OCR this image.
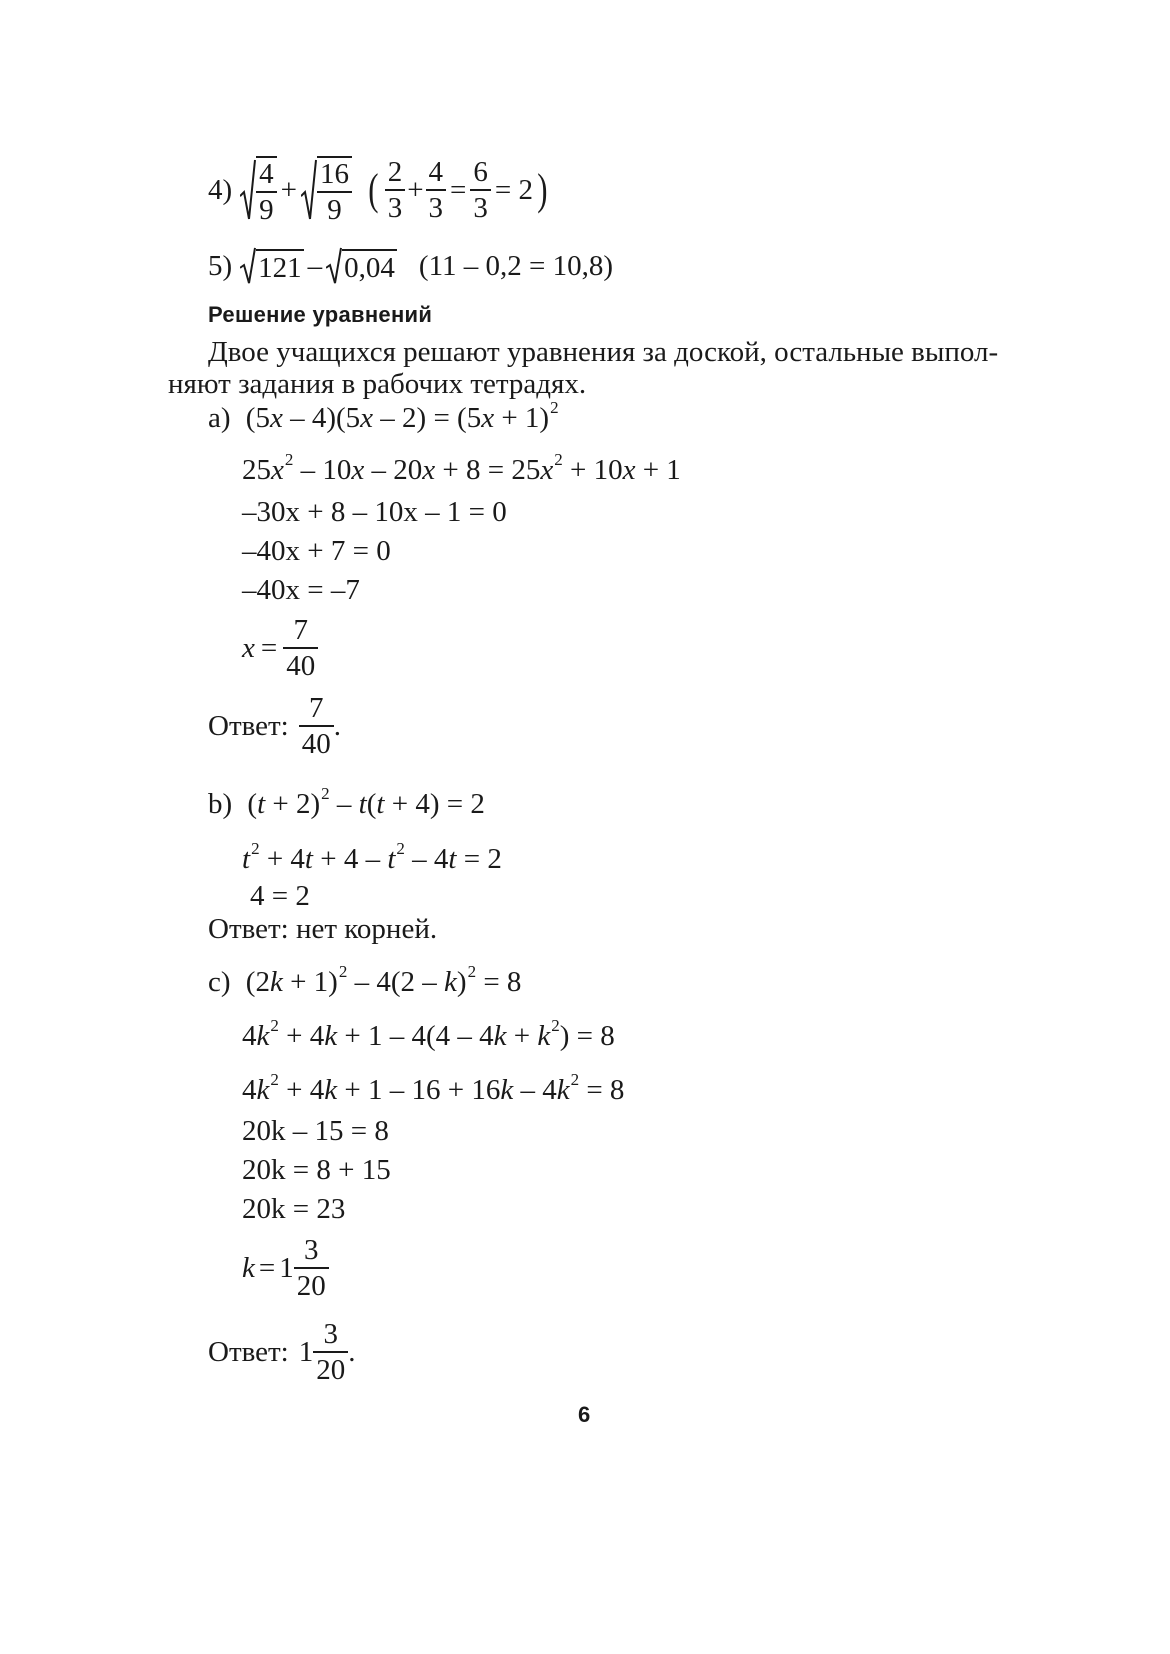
4) 4
9
+ 16
9 ( 2
3
+
4
3
=
6
3
= 2 )
5) 121 – 0,04 (11 – 0,2 = 10,8)
Решение уравнений
Двое учащихся решают уравнения за доской, остальные выпол-
няют задания в рабочих тетрадях.
a) $(5x - 4)(5x - 2) = (5x + 1)^2$
$25x^2 - 10x - 20x + 8 = 25x^2 + 10x + 1$
–30x + 8 – 10x – 1 = 0
–40x + 7 = 0
–40x = –7
x =
7
40
Ответ:
7
40
.
b) $(t + 2)^2 - t(t + 4) = 2$
$t^2 + 4t + 4 - t^2 - 4t = 2$
4 = 2
Ответ: нет корней.
c) $(2k + 1)^2 - 4(2 - k)^2 = 8$
$4k^2 + 4k + 1 - 4(4 - 4k + k^2) = 8$
$4k^2 + 4k + 1 - 16 + 16k - 4k^2 = 8$
20k – 15 = 8
20k = 8 + 15
20k = 23
k = 1
3
20
Ответ: 1
3
20
.
6
